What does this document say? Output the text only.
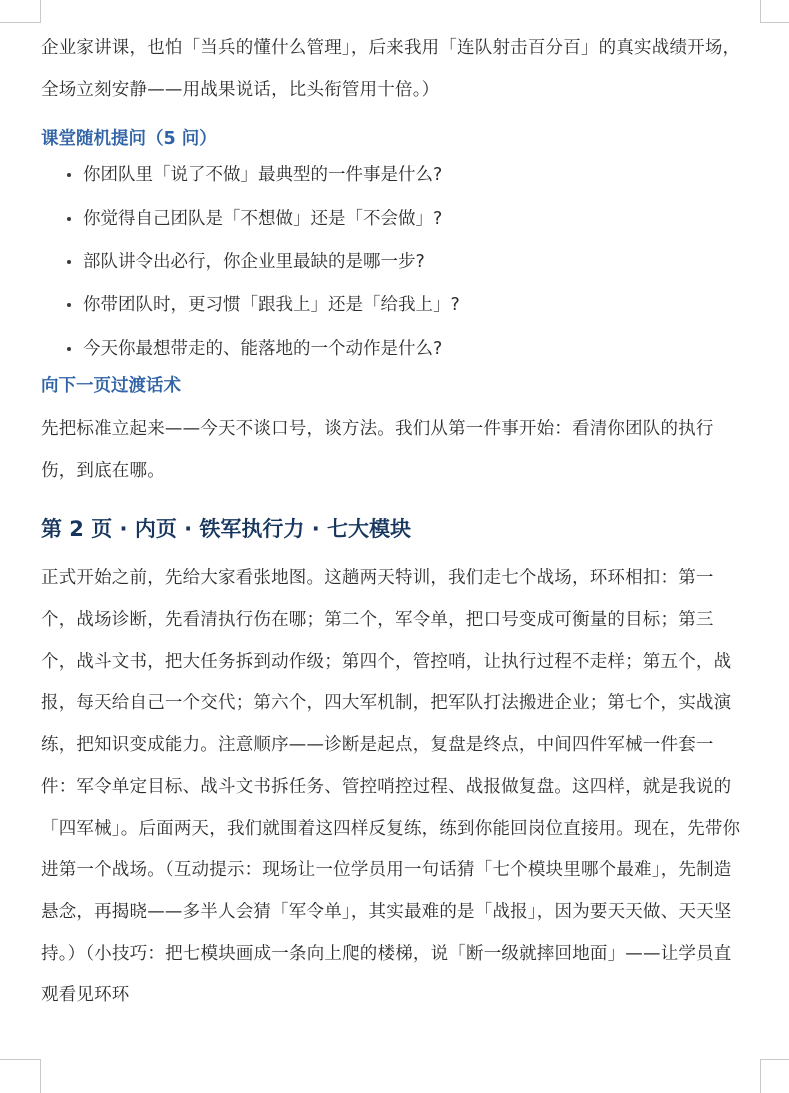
企业家讲课，也怕「当兵的懂什么管理」，后来我用「连队射击百分百」的真实战绩开场，全场立刻安静——用战果说话，比头衔管用十倍。）

课堂随机提问（5 问）
你团队里「说了不做」最典型的一件事是什么?
你觉得自己团队是「不想做」还是「不会做」?
部队讲令出必行，你企业里最缺的是哪一步?
你带团队时，更习惯「跟我上」还是「给我上」?
今天你最想带走的、能落地的一个动作是什么?
向下一页过渡话术

先把标准立起来——今天不谈口号，谈方法。我们从第一件事开始：看清你团队的执行伤，到底在哪。

第 2 页 · 内页 · 铁军执行力 · 七大模块

正式开始之前，先给大家看张地图。这趟两天特训，我们走七个战场，环环相扣：第一个，战场诊断，先看清执行伤在哪；第二个，军令单，把口号变成可衡量的目标；第三个，战斗文书，把大任务拆到动作级；第四个，管控哨，让执行过程不走样；第五个，战报，每天给自己一个交代；第六个，四大军机制，把军队打法搬进企业；第七个，实战演练，把知识变成能力。注意顺序——诊断是起点，复盘是终点，中间四件军械一件套一件：军令单定目标、战斗文书拆任务、管控哨控过程、战报做复盘。这四样，就是我说的「四军械」。后面两天，我们就围着这四样反复练，练到你能回岗位直接用。现在，先带你进第一个战场。（互动提示：现场让一位学员用一句话猜「七个模块里哪个最难」，先制造悬念，再揭晓——多半人会猜「军令单」，其实最难的是「战报」，因为要天天做、天天坚持。）（小技巧：把七模块画成一条向上爬的楼梯，说「断一级就摔回地面」——让学员直观看见环环
